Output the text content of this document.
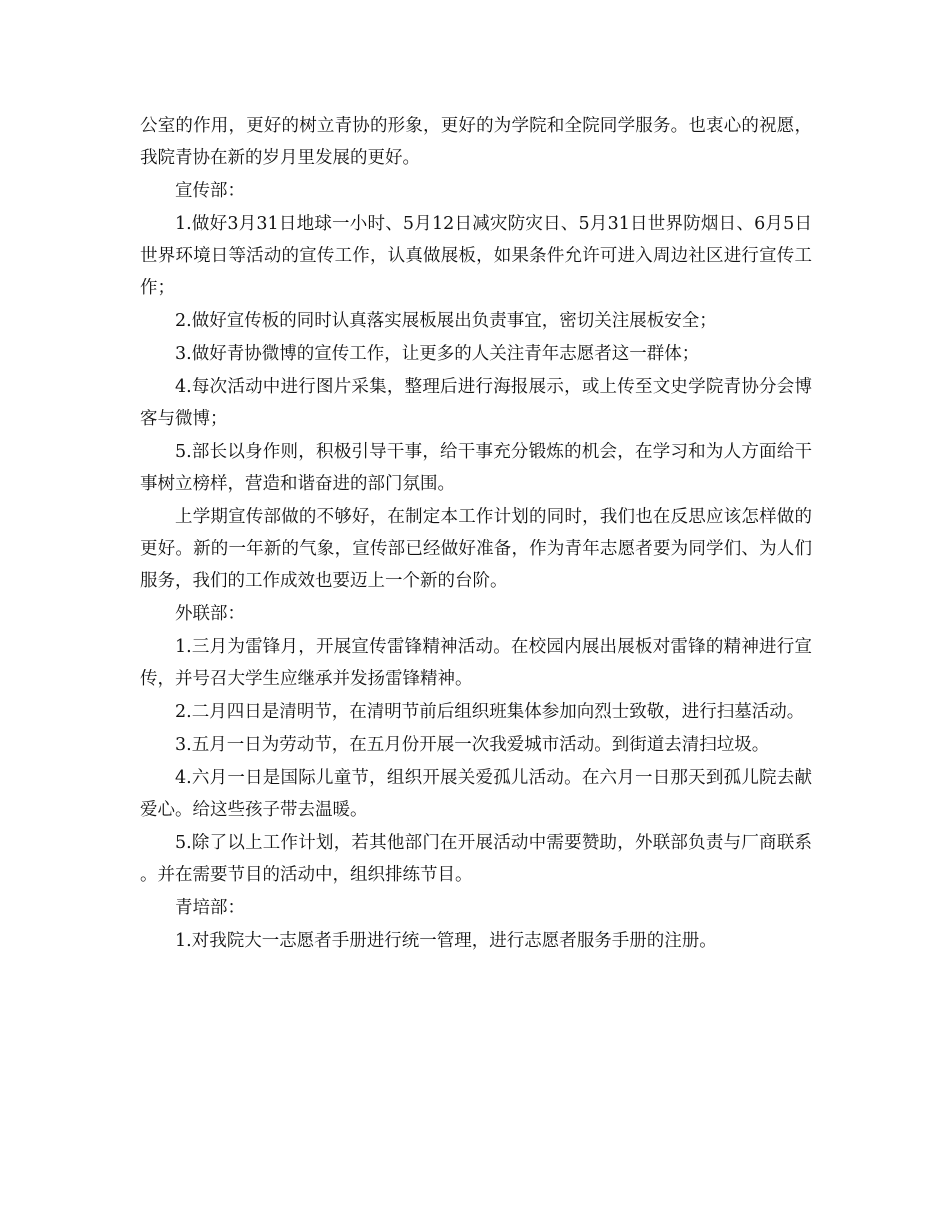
公室的作用，更好的树立青协的形象，更好的为学院和全院同学服务。也衷心的祝愿，我院青协在新的岁月里发展的更好。

宣传部：

1.做好3月31日地球一小时、5月12日减灾防灾日、5月31日世界防烟日、6月5日世界环境日等活动的宣传工作，认真做展板，如果条件允许可进入周边社区进行宣传工作；

2.做好宣传板的同时认真落实展板展出负责事宜，密切关注展板安全；

3.做好青协微博的宣传工作，让更多的人关注青年志愿者这一群体；

4.每次活动中进行图片采集，整理后进行海报展示，或上传至文史学院青协分会博客与微博；

5.部长以身作则，积极引导干事，给干事充分锻炼的机会，在学习和为人方面给干事树立榜样，营造和谐奋进的部门氛围。

上学期宣传部做的不够好，在制定本工作计划的同时，我们也在反思应该怎样做的更好。新的一年新的气象，宣传部已经做好准备，作为青年志愿者要为同学们、为人们服务，我们的工作成效也要迈上一个新的台阶。

外联部：

1.三月为雷锋月，开展宣传雷锋精神活动。在校园内展出展板对雷锋的精神进行宣传，并号召大学生应继承并发扬雷锋精神。

2.二月四日是清明节，在清明节前后组织班集体参加向烈士致敬，进行扫墓活动。

3.五月一日为劳动节，在五月份开展一次我爱城市活动。到街道去清扫垃圾。

4.六月一日是国际儿童节，组织开展关爱孤儿活动。在六月一日那天到孤儿院去献爱心。给这些孩子带去温暖。

5.除了以上工作计划，若其他部门在开展活动中需要赞助，外联部负责与厂商联系。并在需要节目的活动中，组织排练节目。

青培部：

1.对我院大一志愿者手册进行统一管理，进行志愿者服务手册的注册。
